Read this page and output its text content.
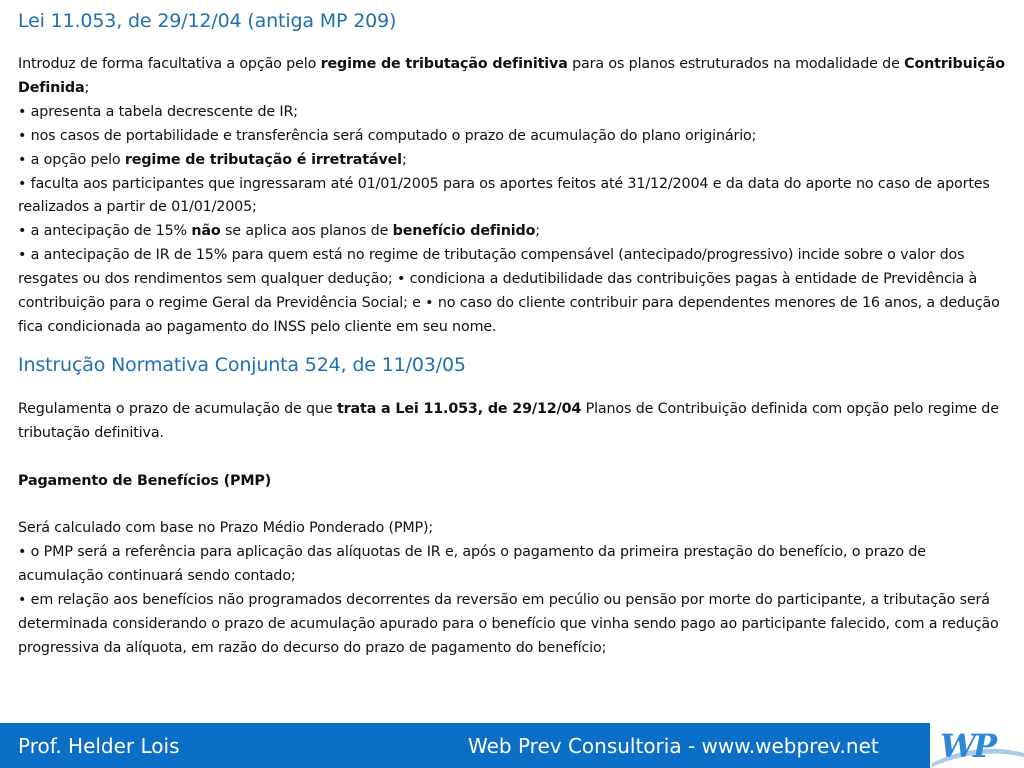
Lei 11.053, de 29/12/04 (antiga MP 209)

Introduz de forma facultativa a opção pelo regime de tributação definitiva para os planos estruturados na modalidade de Contribuição Definida;

• apresenta a tabela decrescente de IR;

• nos casos de portabilidade e transferência será computado o prazo de acumulação do plano originário;

• a opção pelo regime de tributação é irretratável;

• faculta aos participantes que ingressaram até 01/01/2005 para os aportes feitos até 31/12/2004 e da data do aporte no caso de aportes realizados a partir de 01/01/2005;

• a antecipação de 15% não se aplica aos planos de benefício definido;

• a antecipação de IR de 15% para quem está no regime de tributação compensável (antecipado/progressivo) incide sobre o valor dos resgates ou dos rendimentos sem qualquer dedução; • condiciona a dedutibilidade das contribuições pagas à entidade de Previdência à contribuição para o regime Geral da Previdência Social; e • no caso do cliente contribuir para dependentes menores de 16 anos, a dedução fica condicionada ao pagamento do INSS pelo cliente em seu nome.

Instrução Normativa Conjunta 524, de 11/03/05

Regulamenta o prazo de acumulação de que trata a Lei 11.053, de 29/12/04 Planos de Contribuição definida com opção pelo regime de tributação definitiva.

Pagamento de Benefícios (PMP)

Será calculado com base no Prazo Médio Ponderado (PMP);

• o PMP será a referência para aplicação das alíquotas de IR e, após o pagamento da primeira prestação do benefício, o prazo de acumulação continuará sendo contado;

• em relação aos benefícios não programados decorrentes da reversão em pecúlio ou pensão por morte do participante, a tributação será determinada considerando o prazo de acumulação apurado para o benefício que vinha sendo pago ao participante falecido, com a redução progressiva da alíquota, em razão do decurso do prazo de pagamento do benefício;

Prof. Helder Lois	Web Prev Consultoria - www.webprev.net WP
